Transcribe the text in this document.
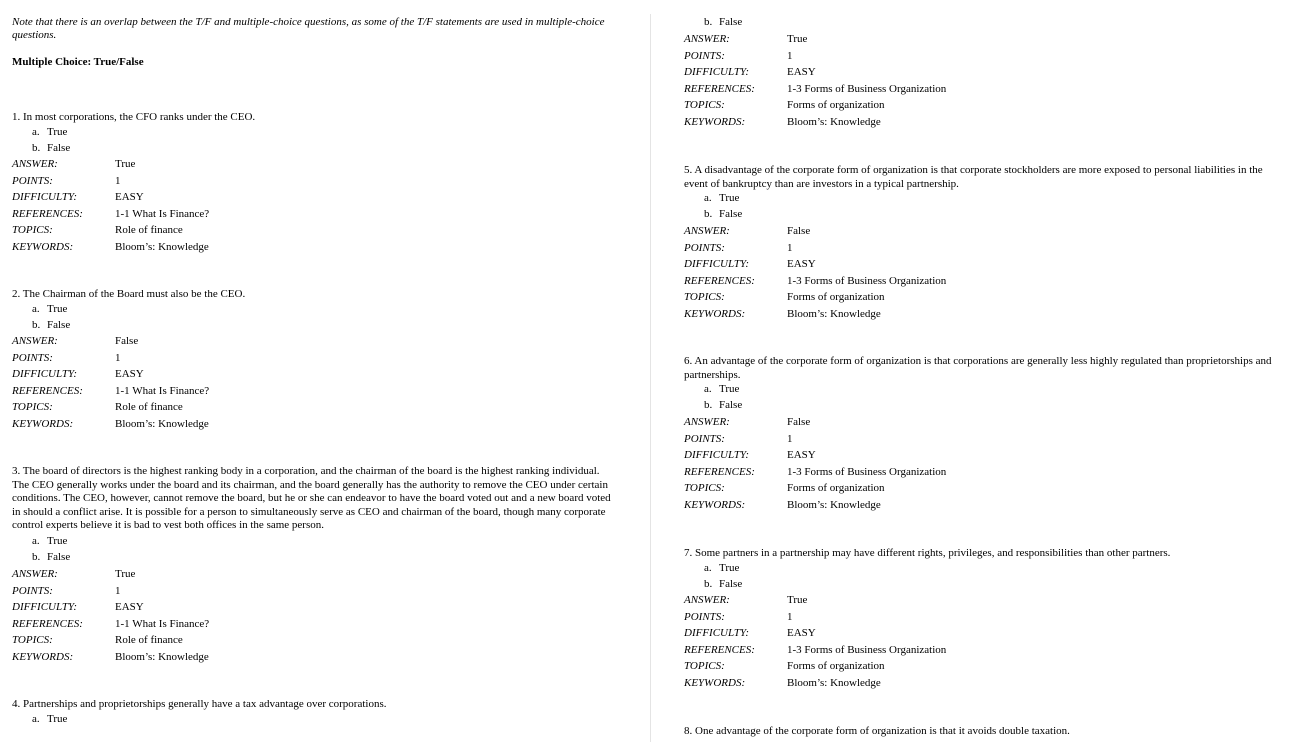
Note that there is an overlap between the T/F and multiple-choice questions, as some of the T/F statements are used in multiple-choice questions.
Multiple Choice: True/False
1. In most corporations, the CFO ranks under the CEO.
a. True
b. False
ANSWER:	True
POINTS:	1
DIFFICULTY:	EASY
REFERENCES:	1-1 What Is Finance?
TOPICS:	Role of finance
KEYWORDS:	Bloom’s: Knowledge
2. The Chairman of the Board must also be the CEO.
a. True
b. False
ANSWER:	False
POINTS:	1
DIFFICULTY:	EASY
REFERENCES:	1-1 What Is Finance?
TOPICS:	Role of finance
KEYWORDS:	Bloom’s: Knowledge
3. The board of directors is the highest ranking body in a corporation, and the chairman of the board is the highest ranking individual. The CEO generally works under the board and its chairman, and the board generally has the authority to remove the CEO under certain conditions. The CEO, however, cannot remove the board, but he or she can endeavor to have the board voted out and a new board voted in should a conflict arise. It is possible for a person to simultaneously serve as CEO and chairman of the board, though many corporate control experts believe it is bad to vest both offices in the same person.
a. True
b. False
ANSWER:	True
POINTS:	1
DIFFICULTY:	EASY
REFERENCES:	1-1 What Is Finance?
TOPICS:	Role of finance
KEYWORDS:	Bloom’s: Knowledge
4. Partnerships and proprietorships generally have a tax advantage over corporations.
a. True
b. False
ANSWER:	True
POINTS:	1
DIFFICULTY:	EASY
REFERENCES:	1-3 Forms of Business Organization
TOPICS:	Forms of organization
KEYWORDS:	Bloom’s: Knowledge
5. A disadvantage of the corporate form of organization is that corporate stockholders are more exposed to personal liabilities in the event of bankruptcy than are investors in a typical partnership.
a. True
b. False
ANSWER:	False
POINTS:	1
DIFFICULTY:	EASY
REFERENCES:	1-3 Forms of Business Organization
TOPICS:	Forms of organization
KEYWORDS:	Bloom’s: Knowledge
6. An advantage of the corporate form of organization is that corporations are generally less highly regulated than proprietorships and partnerships.
a. True
b. False
ANSWER:	False
POINTS:	1
DIFFICULTY:	EASY
REFERENCES:	1-3 Forms of Business Organization
TOPICS:	Forms of organization
KEYWORDS:	Bloom’s: Knowledge
7. Some partners in a partnership may have different rights, privileges, and responsibilities than other partners.
a. True
b. False
ANSWER:	True
POINTS:	1
DIFFICULTY:	EASY
REFERENCES:	1-3 Forms of Business Organization
TOPICS:	Forms of organization
KEYWORDS:	Bloom’s: Knowledge
8. One advantage of the corporate form of organization is that it avoids double taxation.
